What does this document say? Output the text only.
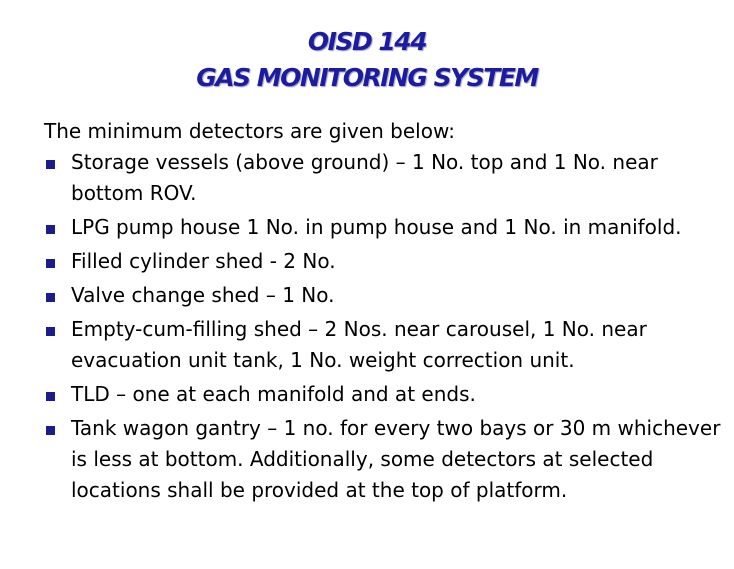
OISD 144
GAS MONITORING SYSTEM

The minimum detectors are given below:

Storage vessels (above ground) – 1 No. top and 1 No. near bottom ROV.
LPG pump house 1 No. in pump house and 1 No. in manifold.
Filled cylinder shed - 2 No.
Valve change shed – 1 No.
Empty-cum-filling shed – 2 Nos. near carousel, 1 No. near evacuation unit tank, 1 No. weight correction unit.
TLD – one at each manifold and at ends.
Tank wagon gantry – 1 no. for every two bays or 30 m whichever is less at bottom. Additionally, some detectors at selected locations shall be provided at the top of platform.
